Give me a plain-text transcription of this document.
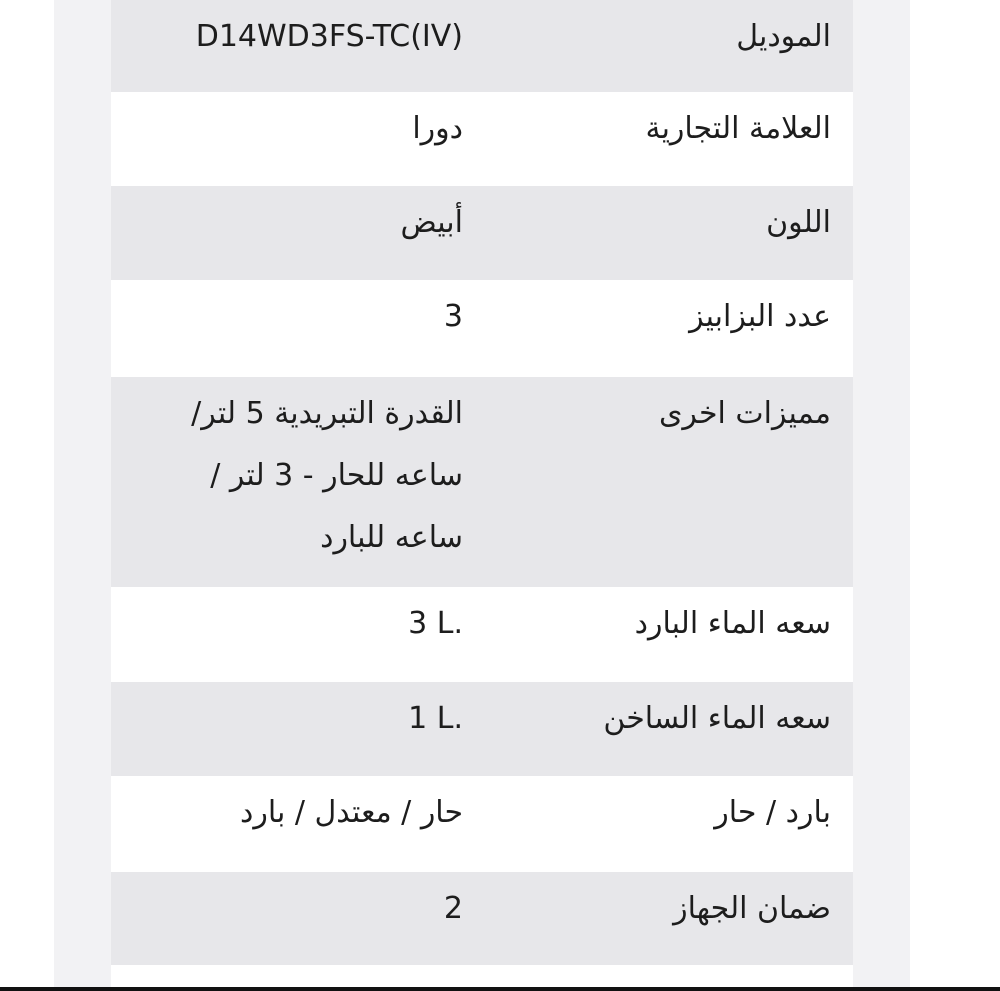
الموديل
D14WD3FS-TC(IV)
العلامة التجارية
دورا
اللون
أبيض
عدد البزابيز
3
مميزات اخرى
القدرة التبريدية 5 لتر/ ساعه للحار - 3 لتر / ساعه للبارد
سعه الماء البارد
3 L.
سعه الماء الساخن
1 L.
بارد / حار
حار / معتدل / بارد
ضمان الجهاز
2
